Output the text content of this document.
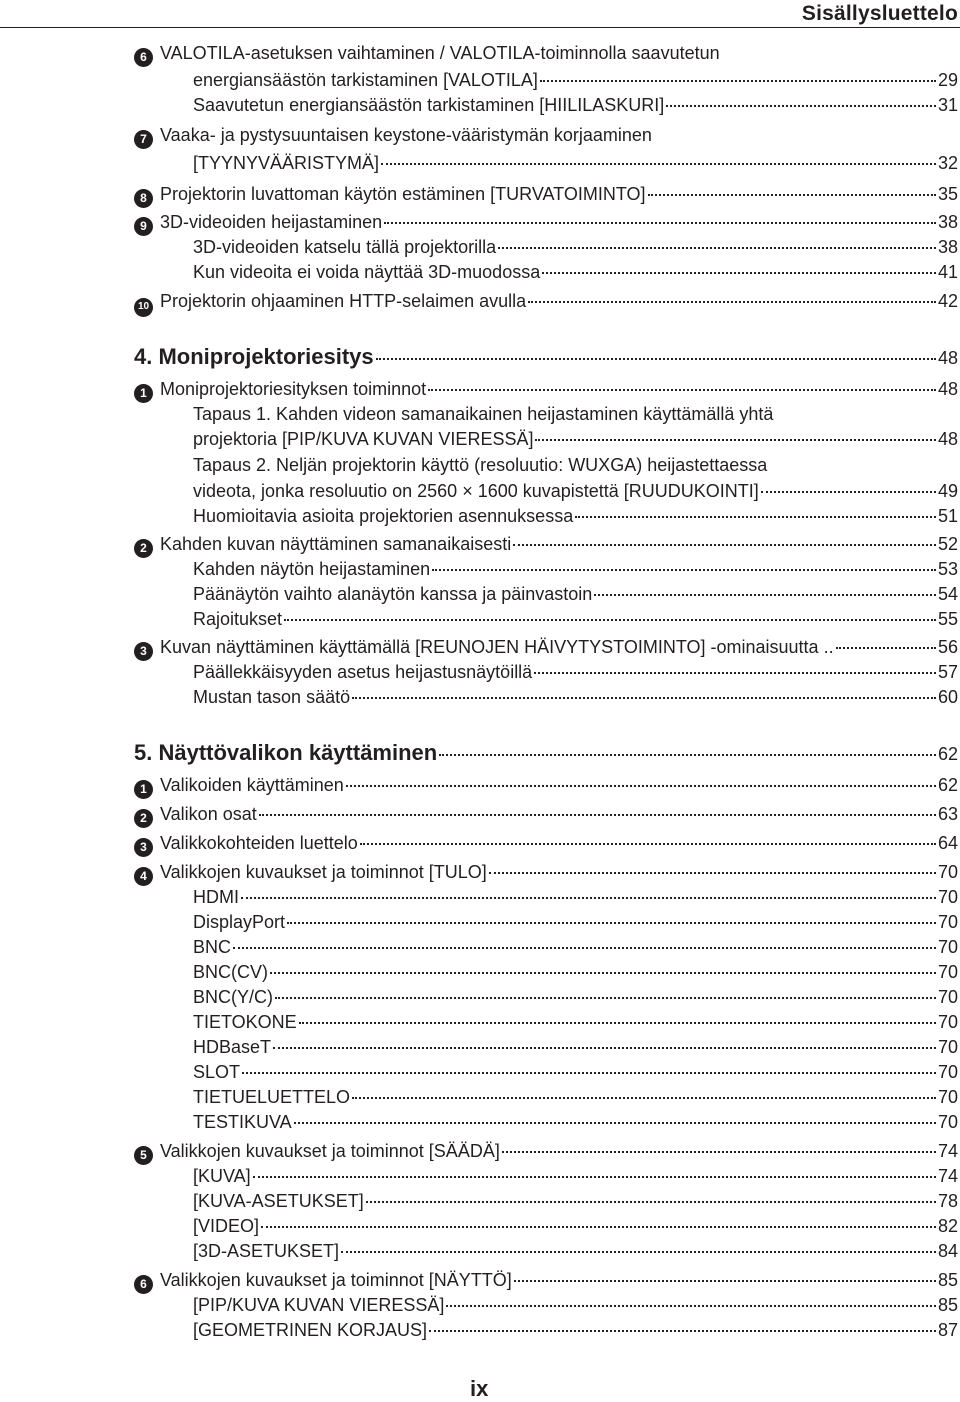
Sisällysluettelo
6 VALOTILA-asetuksen vaihtaminen / VALOTILA-toiminnolla saavutetun
energiansäästön tarkistaminen [VALOTILA]	29
Saavutetun energiansäästön tarkistaminen [HIILILASKURI]	31
7 Vaaka- ja pystysuuntaisen keystone-vääristymän korjaaminen
[TYYNYVÄÄRISTYMÄ]	32
8 Projektorin luvattoman käytön estäminen [TURVATOIMINTO]	35
9 3D-videoiden heijastaminen	38
3D-videoiden katselu tällä projektorilla	38
Kun videoita ei voida näyttää 3D-muodossa	41
10 Projektorin ohjaaminen HTTP-selaimen avulla	42
4. Moniprojektoriesitys	48
1 Moniprojektoriesityksen toiminnot	48
Tapaus 1. Kahden videon samanaikainen heijastaminen käyttämällä yhtä
projektoria [PIP/KUVA KUVAN VIERESSÄ]	48
Tapaus 2. Neljän projektorin käyttö (resoluutio: WUXGA) heijastettaessa
videota, jonka resoluutio on 2560 × 1600 kuvapistettä [RUUDUKOINTI]	49
Huomioitavia asioita projektorien asennuksessa	51
2 Kahden kuvan näyttäminen samanaikaisesti	52
Kahden näytön heijastaminen	53
Päänäytön vaihto alanäytön kanssa ja päinvastoin	54
Rajoitukset	55
3 Kuvan näyttäminen käyttämällä [REUNOJEN HÄIVYTYSTOIMINTO] -ominaisuutta ..	56
Päällekkäisyyden asetus heijastusnäytöillä	57
Mustan tason säätö	60
5. Näyttövalikon käyttäminen	62
1 Valikoiden käyttäminen	62
2 Valikon osat	63
3 Valikkokohteiden luettelo	64
4 Valikkojen kuvaukset ja toiminnot [TULO]	70
HDMI	70
DisplayPort	70
BNC	70
BNC(CV)	70
BNC(Y/C)	70
TIETOKONE	70
HDBaseT	70
SLOT	70
TIETUELUETTELO	70
TESTIKUVA	70
5 Valikkojen kuvaukset ja toiminnot [SÄÄDÄ]	74
[KUVA]	74
[KUVA-ASETUKSET]	78
[VIDEO]	82
[3D-ASETUKSET]	84
6 Valikkojen kuvaukset ja toiminnot [NÄYTTÖ]	85
[PIP/KUVA KUVAN VIERESSÄ]	85
[GEOMETRINEN KORJAUS]	87
ix
